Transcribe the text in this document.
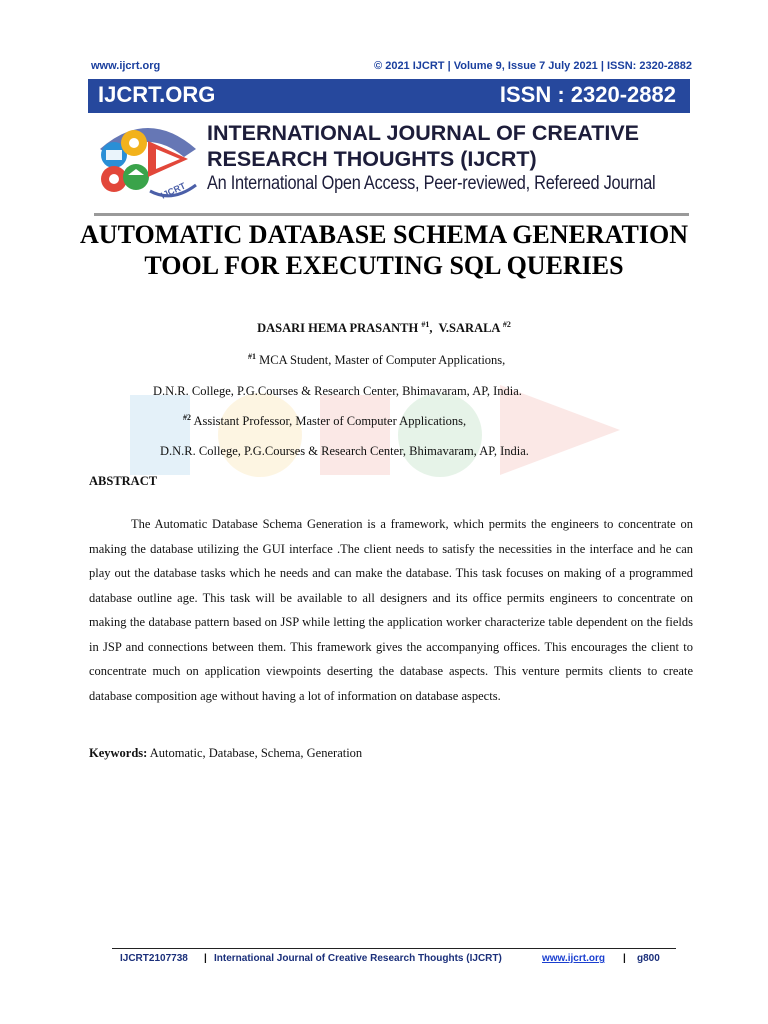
www.ijcrt.org	© 2021 IJCRT | Volume 9, Issue 7 July 2021 | ISSN: 2320-2882
IJCRT.ORG	ISSN : 2320-2882
IJCRT
INTERNATIONAL JOURNAL OF CREATIVE
RESEARCH THOUGHTS (IJCRT)
An International Open Access, Peer-reviewed, Refereed Journal
AUTOMATIC DATABASE SCHEMA GENERATION TOOL FOR EXECUTING SQL QUERIES
DASARI HEMA PRASANTH $^{\#1}$,  V.SARALA $^{\#2}$
$^{\#1}$ MCA Student, Master of Computer Applications,
D.N.R. College, P.G.Courses & Research Center, Bhimavaram, AP, India.
$^{\#2}$ Assistant Professor, Master of Computer Applications,
D.N.R. College, P.G.Courses & Research Center, Bhimavaram, AP, India.
ABSTRACT
The Automatic Database Schema Generation is a framework, which permits the engineers to concentrate on making the database utilizing the GUI interface .The client needs to satisfy the necessities in the interface and he can play out the database tasks which he needs and can make the database. This task focuses on making of a programmed database outline age. This task will be available to all designers and its office permits engineers to concentrate on making the database pattern based on JSP while letting the application worker characterize table dependent on the fields in JSP and connections between them. This framework gives the accompanying offices. This encourages the client to concentrate much on application viewpoints deserting the database aspects. This venture permits clients to create database composition age without having a lot of information on database aspects.
Keywords: Automatic, Database, Schema, Generation
IJCRT2107738 | International Journal of Creative Research Thoughts (IJCRT)	www.ijcrt.org | g800
